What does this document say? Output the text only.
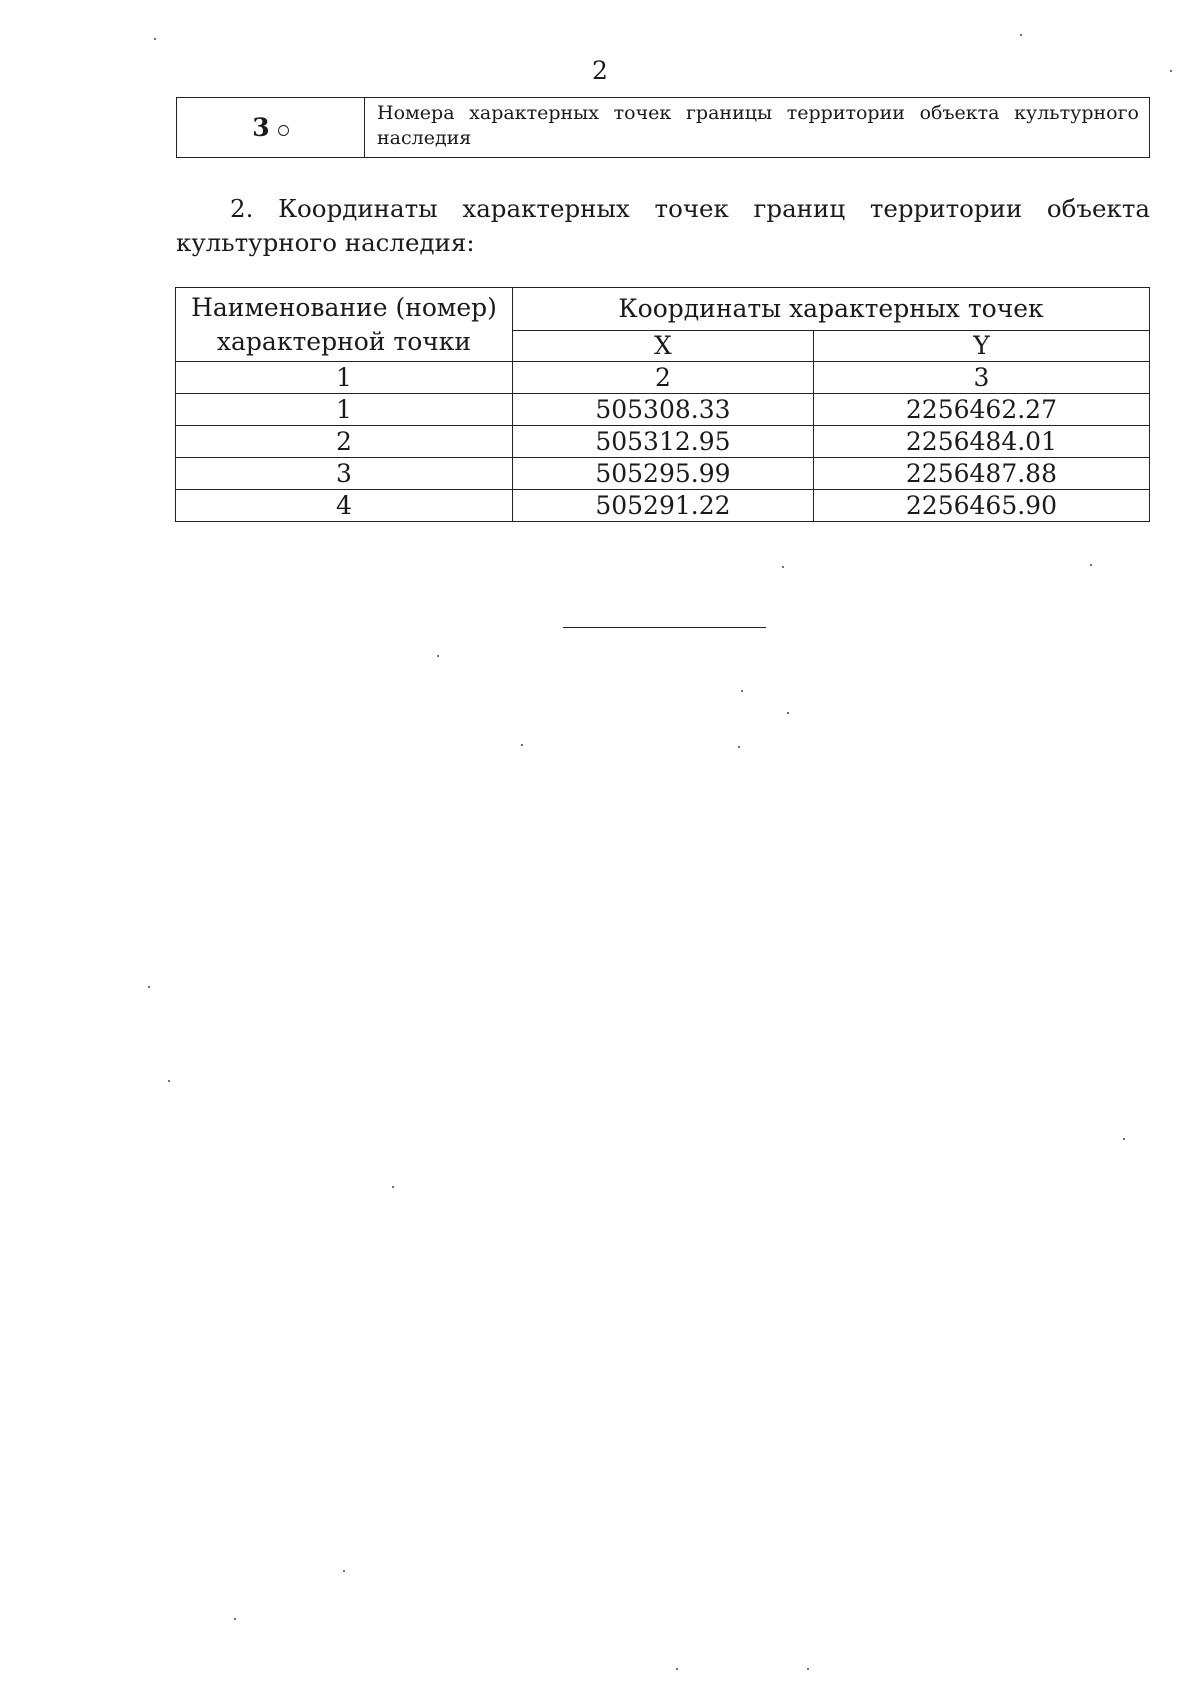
2
3	Номера характерных точек границы территории объекта культурного наследия

2. Координаты характерных точек границ территории объекта культурного наследия:

Наименование (номер) характерной точки	Координаты характерных точек	
	X	Y
1	2	3
1	505308.33	2256462.27
2	505312.95	2256484.01
3	505295.99	2256487.88
4	505291.22	2256465.90
